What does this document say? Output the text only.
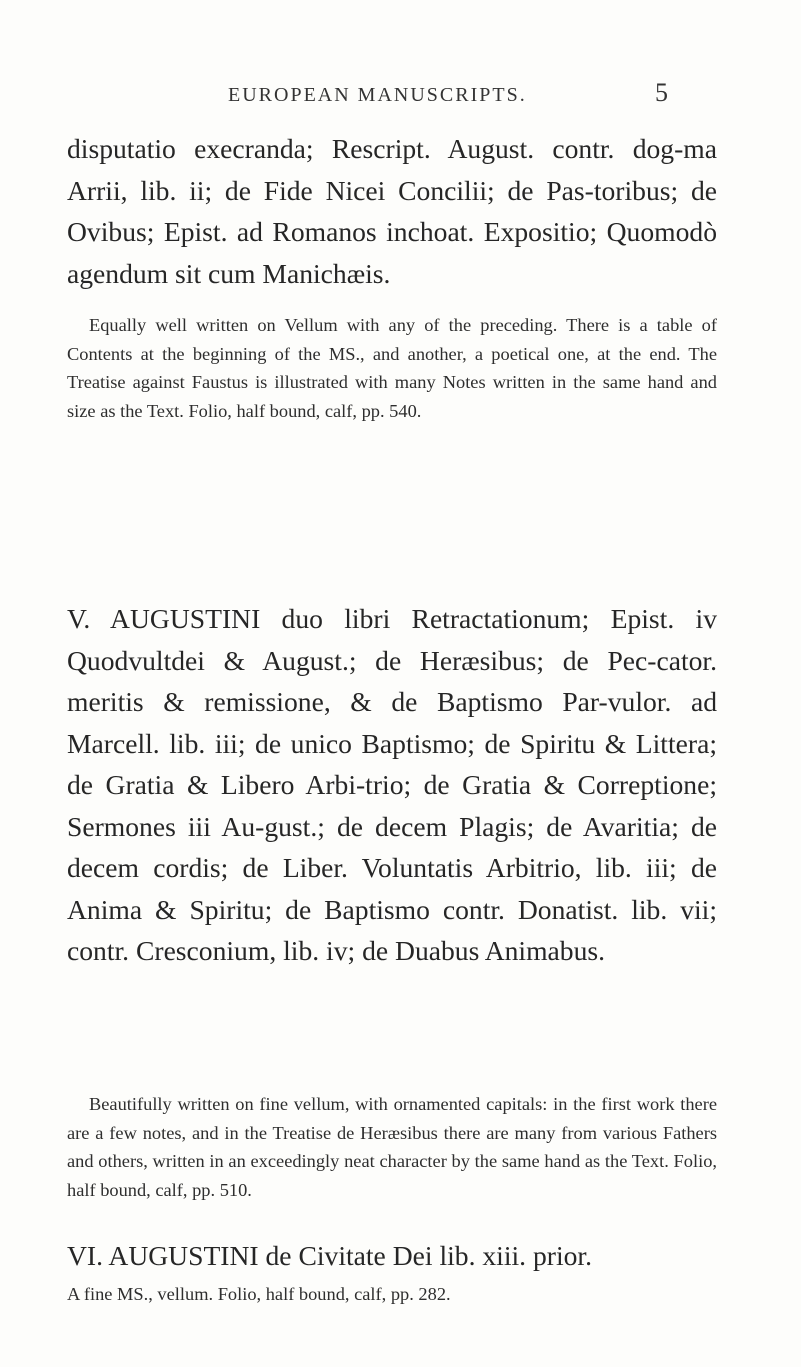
EUROPEAN MANUSCRIPTS.	5

disputatio execranda; Rescript. August. contr. dog-ma Arrii, lib. ii; de Fide Nicei Concilii; de Pas-toribus; de Ovibus; Epist. ad Romanos inchoat. Expositio; Quomodò agendum sit cum Manichæis.

Equally well written on Vellum with any of the preceding. There is a table of Contents at the beginning of the MS., and another, a poetical one, at the end. The Treatise against Faustus is illustrated with many Notes written in the same hand and size as the Text. Folio, half bound, calf, pp. 540.

V. AUGUSTINI duo libri Retractationum; Epist. iv Quodvultdei & August.; de Heræsibus; de Pec-cator. meritis & remissione, & de Baptismo Par-vulor. ad Marcell. lib. iii; de unico Baptismo; de Spiritu & Littera; de Gratia & Libero Arbi-trio; de Gratia & Correptione; Sermones iii Au-gust.; de decem Plagis; de Avaritia; de decem cordis; de Liber. Voluntatis Arbitrio, lib. iii; de Anima & Spiritu; de Baptismo contr. Donatist. lib. vii; contr. Cresconium, lib. iv; de Duabus Animabus.

Beautifully written on fine vellum, with ornamented capitals: in the first work there are a few notes, and in the Treatise de Heræsibus there are many from various Fathers and others, written in an exceedingly neat character by the same hand as the Text. Folio, half bound, calf, pp. 510.

VI. AUGUSTINI de Civitate Dei lib. xiii. prior.

A fine MS., vellum. Folio, half bound, calf, pp. 282.
